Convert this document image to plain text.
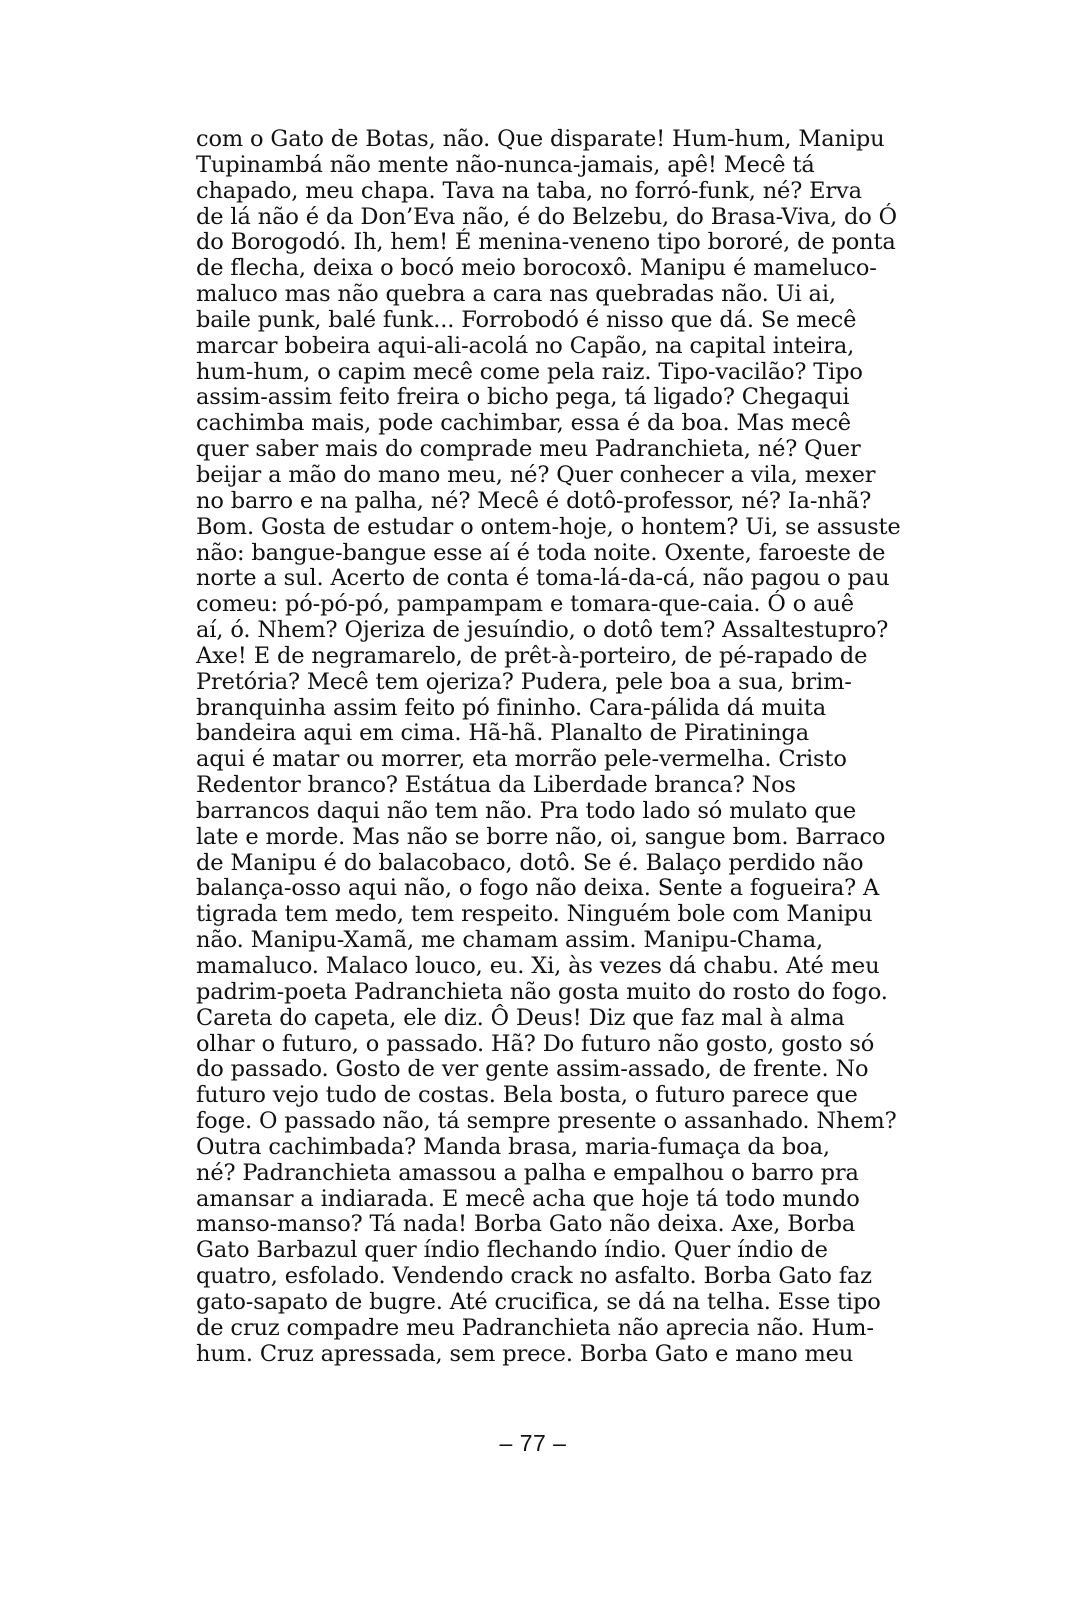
com o Gato de Botas, não. Que disparate! Hum-hum, Manipu
Tupinambá não mente não-nunca-jamais, apê! Mecê tá
chapado, meu chapa. Tava na taba, no forró-funk, né? Erva
de lá não é da Don’Eva não, é do Belzebu, do Brasa-Viva, do Ó
do Borogodó. Ih, hem! É menina-veneno tipo bororé, de ponta
de flecha, deixa o bocó meio borocoxô. Manipu é mameluco-
maluco mas não quebra a cara nas quebradas não. Ui ai,
baile punk, balé funk... Forrobodó é nisso que dá. Se mecê
marcar bobeira aqui-ali-acolá no Capão, na capital inteira,
hum-hum, o capim mecê come pela raiz. Tipo-vacilão? Tipo
assim-assim feito freira o bicho pega, tá ligado? Chegaqui
cachimba mais, pode cachimbar, essa é da boa. Mas mecê
quer saber mais do comprade meu Padranchieta, né? Quer
beijar a mão do mano meu, né? Quer conhecer a vila, mexer
no barro e na palha, né? Mecê é dotô-professor, né? Ia-nhã?
Bom. Gosta de estudar o ontem-hoje, o hontem? Ui, se assuste
não: bangue-bangue esse aí é toda noite. Oxente, faroeste de
norte a sul. Acerto de conta é toma-lá-da-cá, não pagou o pau
comeu: pó-pó-pó, pampampam e tomara-que-caia. Ó o auê
aí, ó. Nhem? Ojeriza de jesuíndio, o dotô tem? Assaltestupro?
Axe! E de negramarelo, de prêt-à-porteiro, de pé-rapado de
Pretória? Mecê tem ojeriza? Pudera, pele boa a sua, brim-
branquinha assim feito pó fininho. Cara-pálida dá muita
bandeira aqui em cima. Hã-hã. Planalto de Piratininga
aqui é matar ou morrer, eta morrão pele-vermelha. Cristo
Redentor branco? Estátua da Liberdade branca? Nos
barrancos daqui não tem não. Pra todo lado só mulato que
late e morde. Mas não se borre não, oi, sangue bom. Barraco
de Manipu é do balacobaco, dotô. Se é. Balaço perdido não
balança-osso aqui não, o fogo não deixa. Sente a fogueira? A
tigrada tem medo, tem respeito. Ninguém bole com Manipu
não. Manipu-Xamã, me chamam assim. Manipu-Chama,
mamaluco. Malaco louco, eu. Xi, às vezes dá chabu. Até meu
padrim-poeta Padranchieta não gosta muito do rosto do fogo.
Careta do capeta, ele diz. Ô Deus! Diz que faz mal à alma
olhar o futuro, o passado. Hã? Do futuro não gosto, gosto só
do passado. Gosto de ver gente assim-assado, de frente. No
futuro vejo tudo de costas. Bela bosta, o futuro parece que
foge. O passado não, tá sempre presente o assanhado. Nhem?
Outra cachimbada? Manda brasa, maria-fumaça da boa,
né? Padranchieta amassou a palha e empalhou o barro pra
amansar a indiarada. E mecê acha que hoje tá todo mundo
manso-manso? Tá nada! Borba Gato não deixa. Axe, Borba
Gato Barbazul quer índio flechando índio. Quer índio de
quatro, esfolado. Vendendo crack no asfalto. Borba Gato faz
gato-sapato de bugre. Até crucifica, se dá na telha. Esse tipo
de cruz compadre meu Padranchieta não aprecia não. Hum-
hum. Cruz apressada, sem prece. Borba Gato e mano meu
– 77 –
